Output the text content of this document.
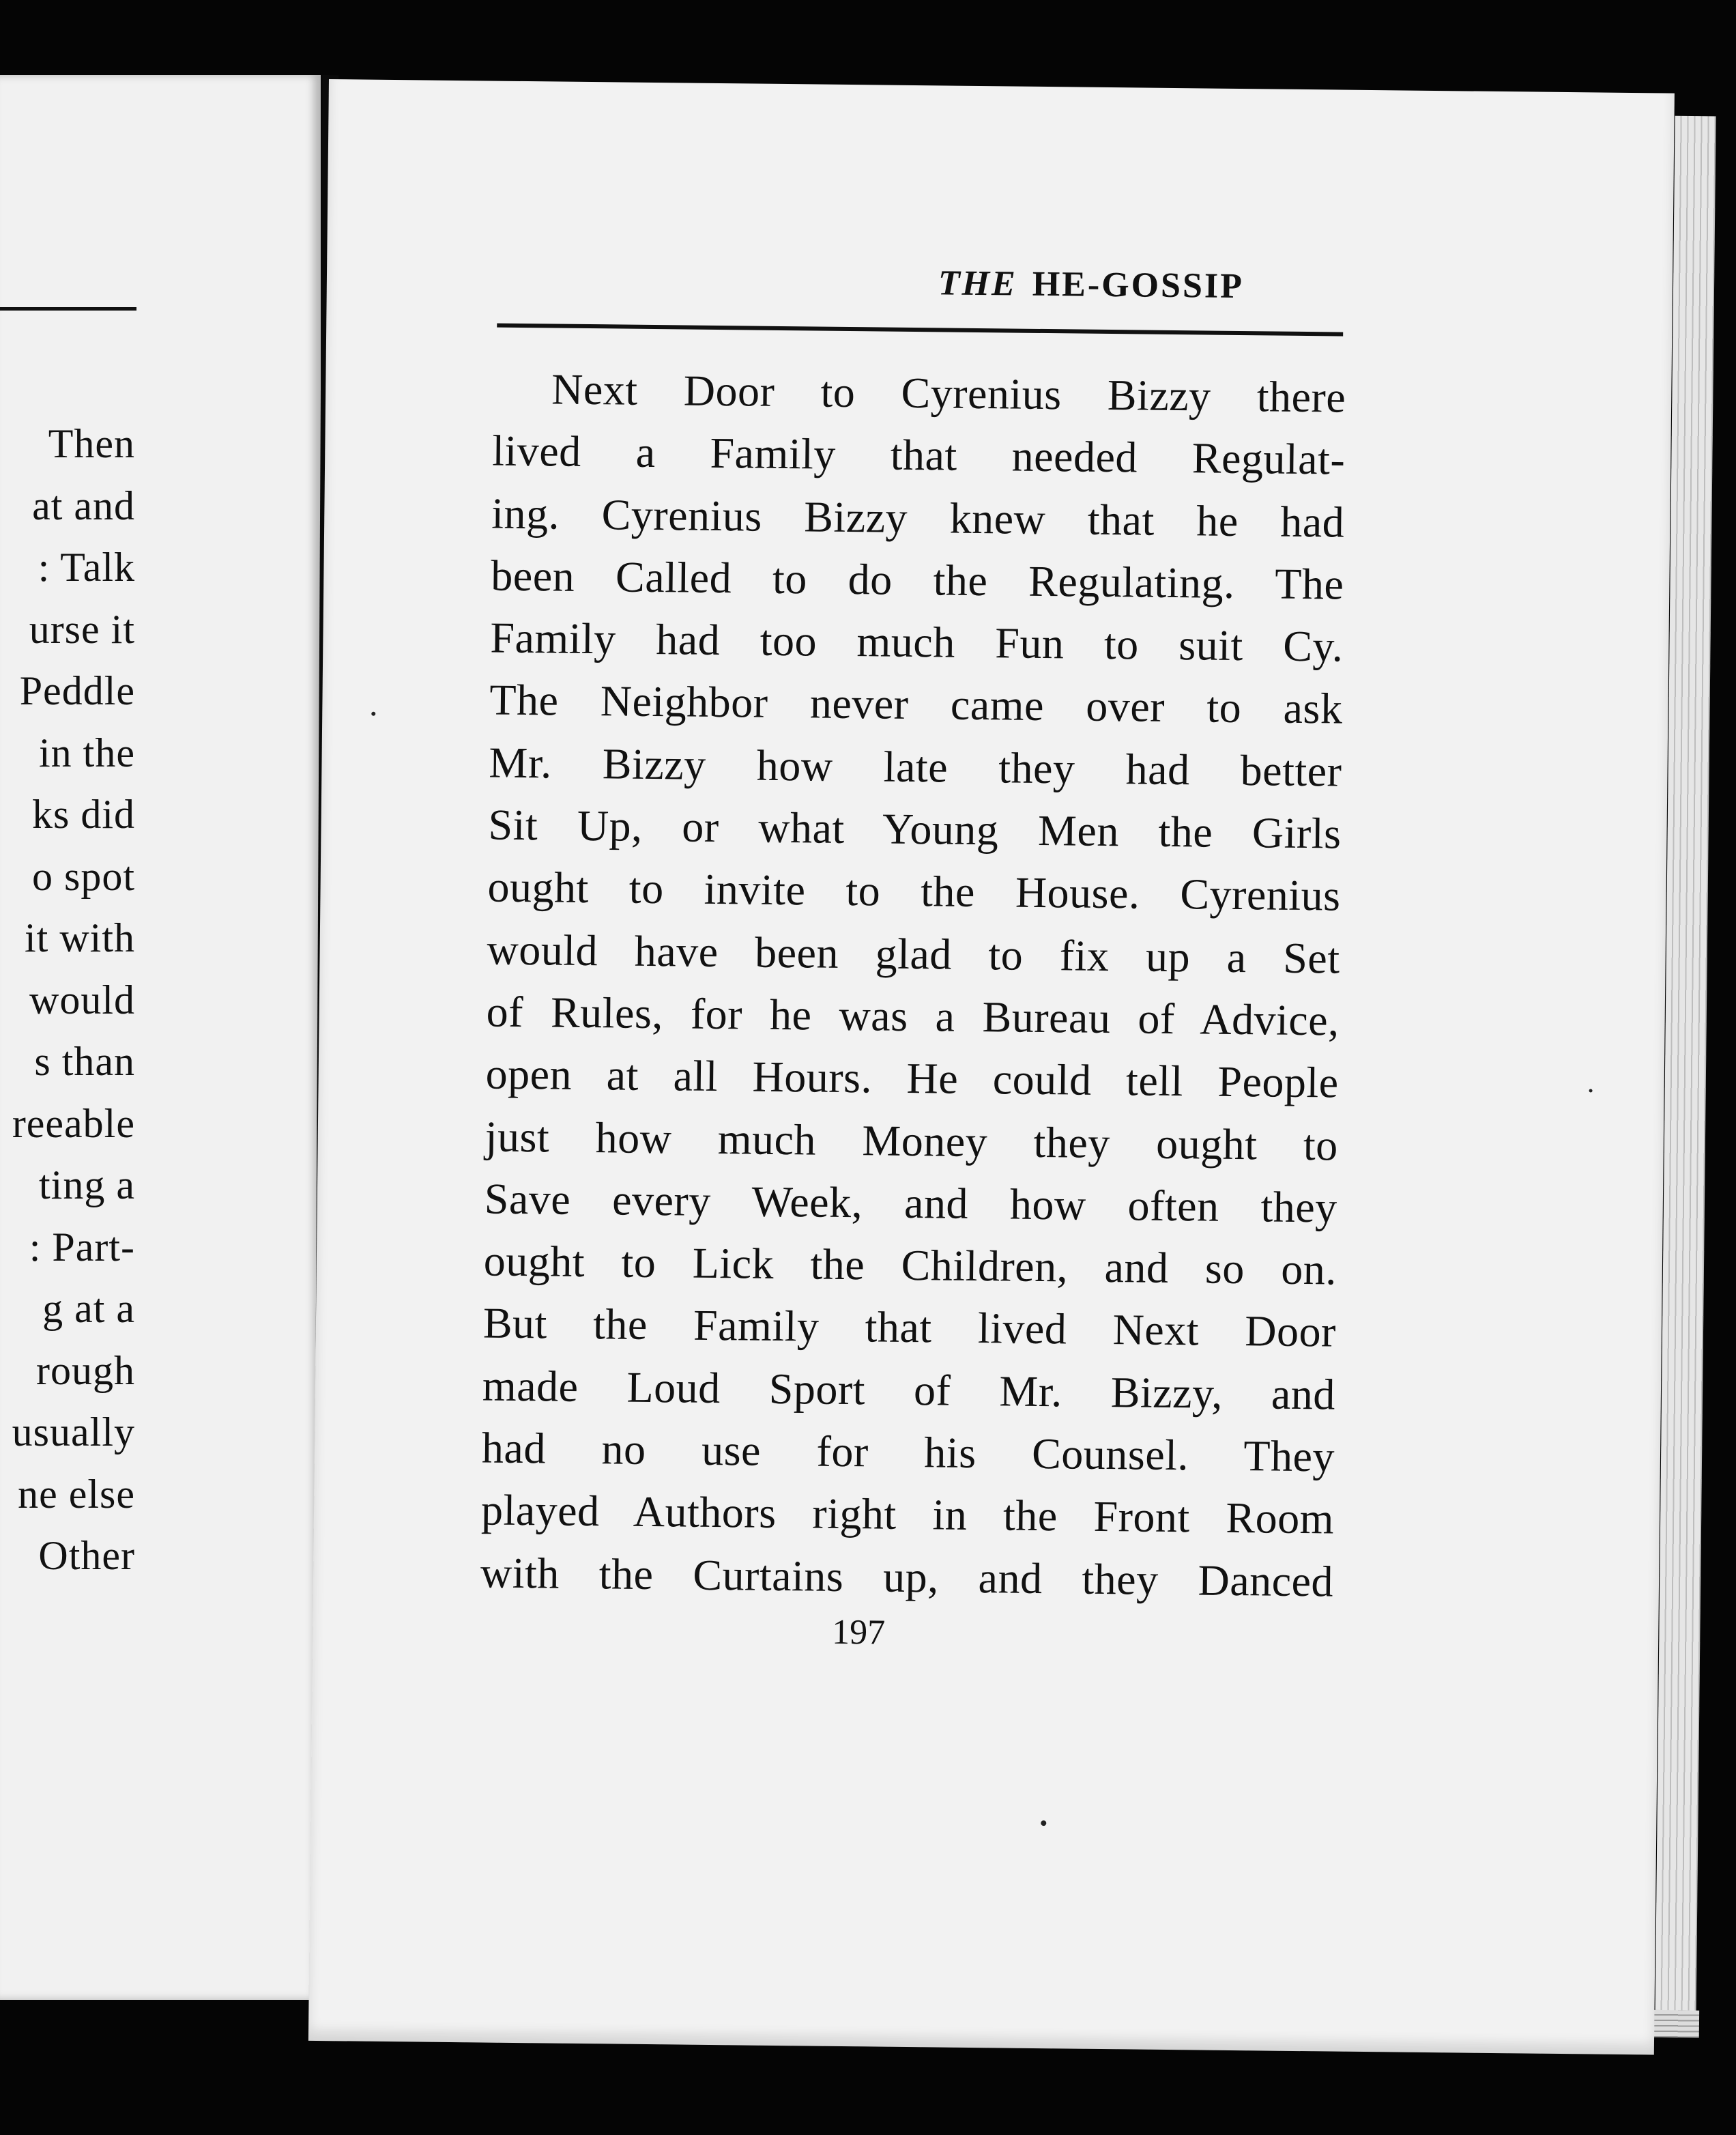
Then
at and
: Talk
urse it
Peddle
in the
ks did
o spot
it with
would
s than
reeable
ting a
: Part-
g at a
rough
usually
ne else
Other
THE HE-GOSSIP
Next Door to Cyrenius Bizzy there
lived a Family that needed Regulat-
ing. Cyrenius Bizzy knew that he had
been Called to do the Regulating. The
Family had too much Fun to suit Cy.
The Neighbor never came over to ask
Mr. Bizzy how late they had better
Sit Up, or what Young Men the Girls
ought to invite to the House. Cyrenius
would have been glad to fix up a Set
of Rules, for he was a Bureau of Advice,
open at all Hours. He could tell People
just how much Money they ought to
Save every Week, and how often they
ought to Lick the Children, and so on.
But the Family that lived Next Door
made Loud Sport of Mr. Bizzy, and
had no use for his Counsel. They
played Authors right in the Front Room
with the Curtains up, and they Danced
197
